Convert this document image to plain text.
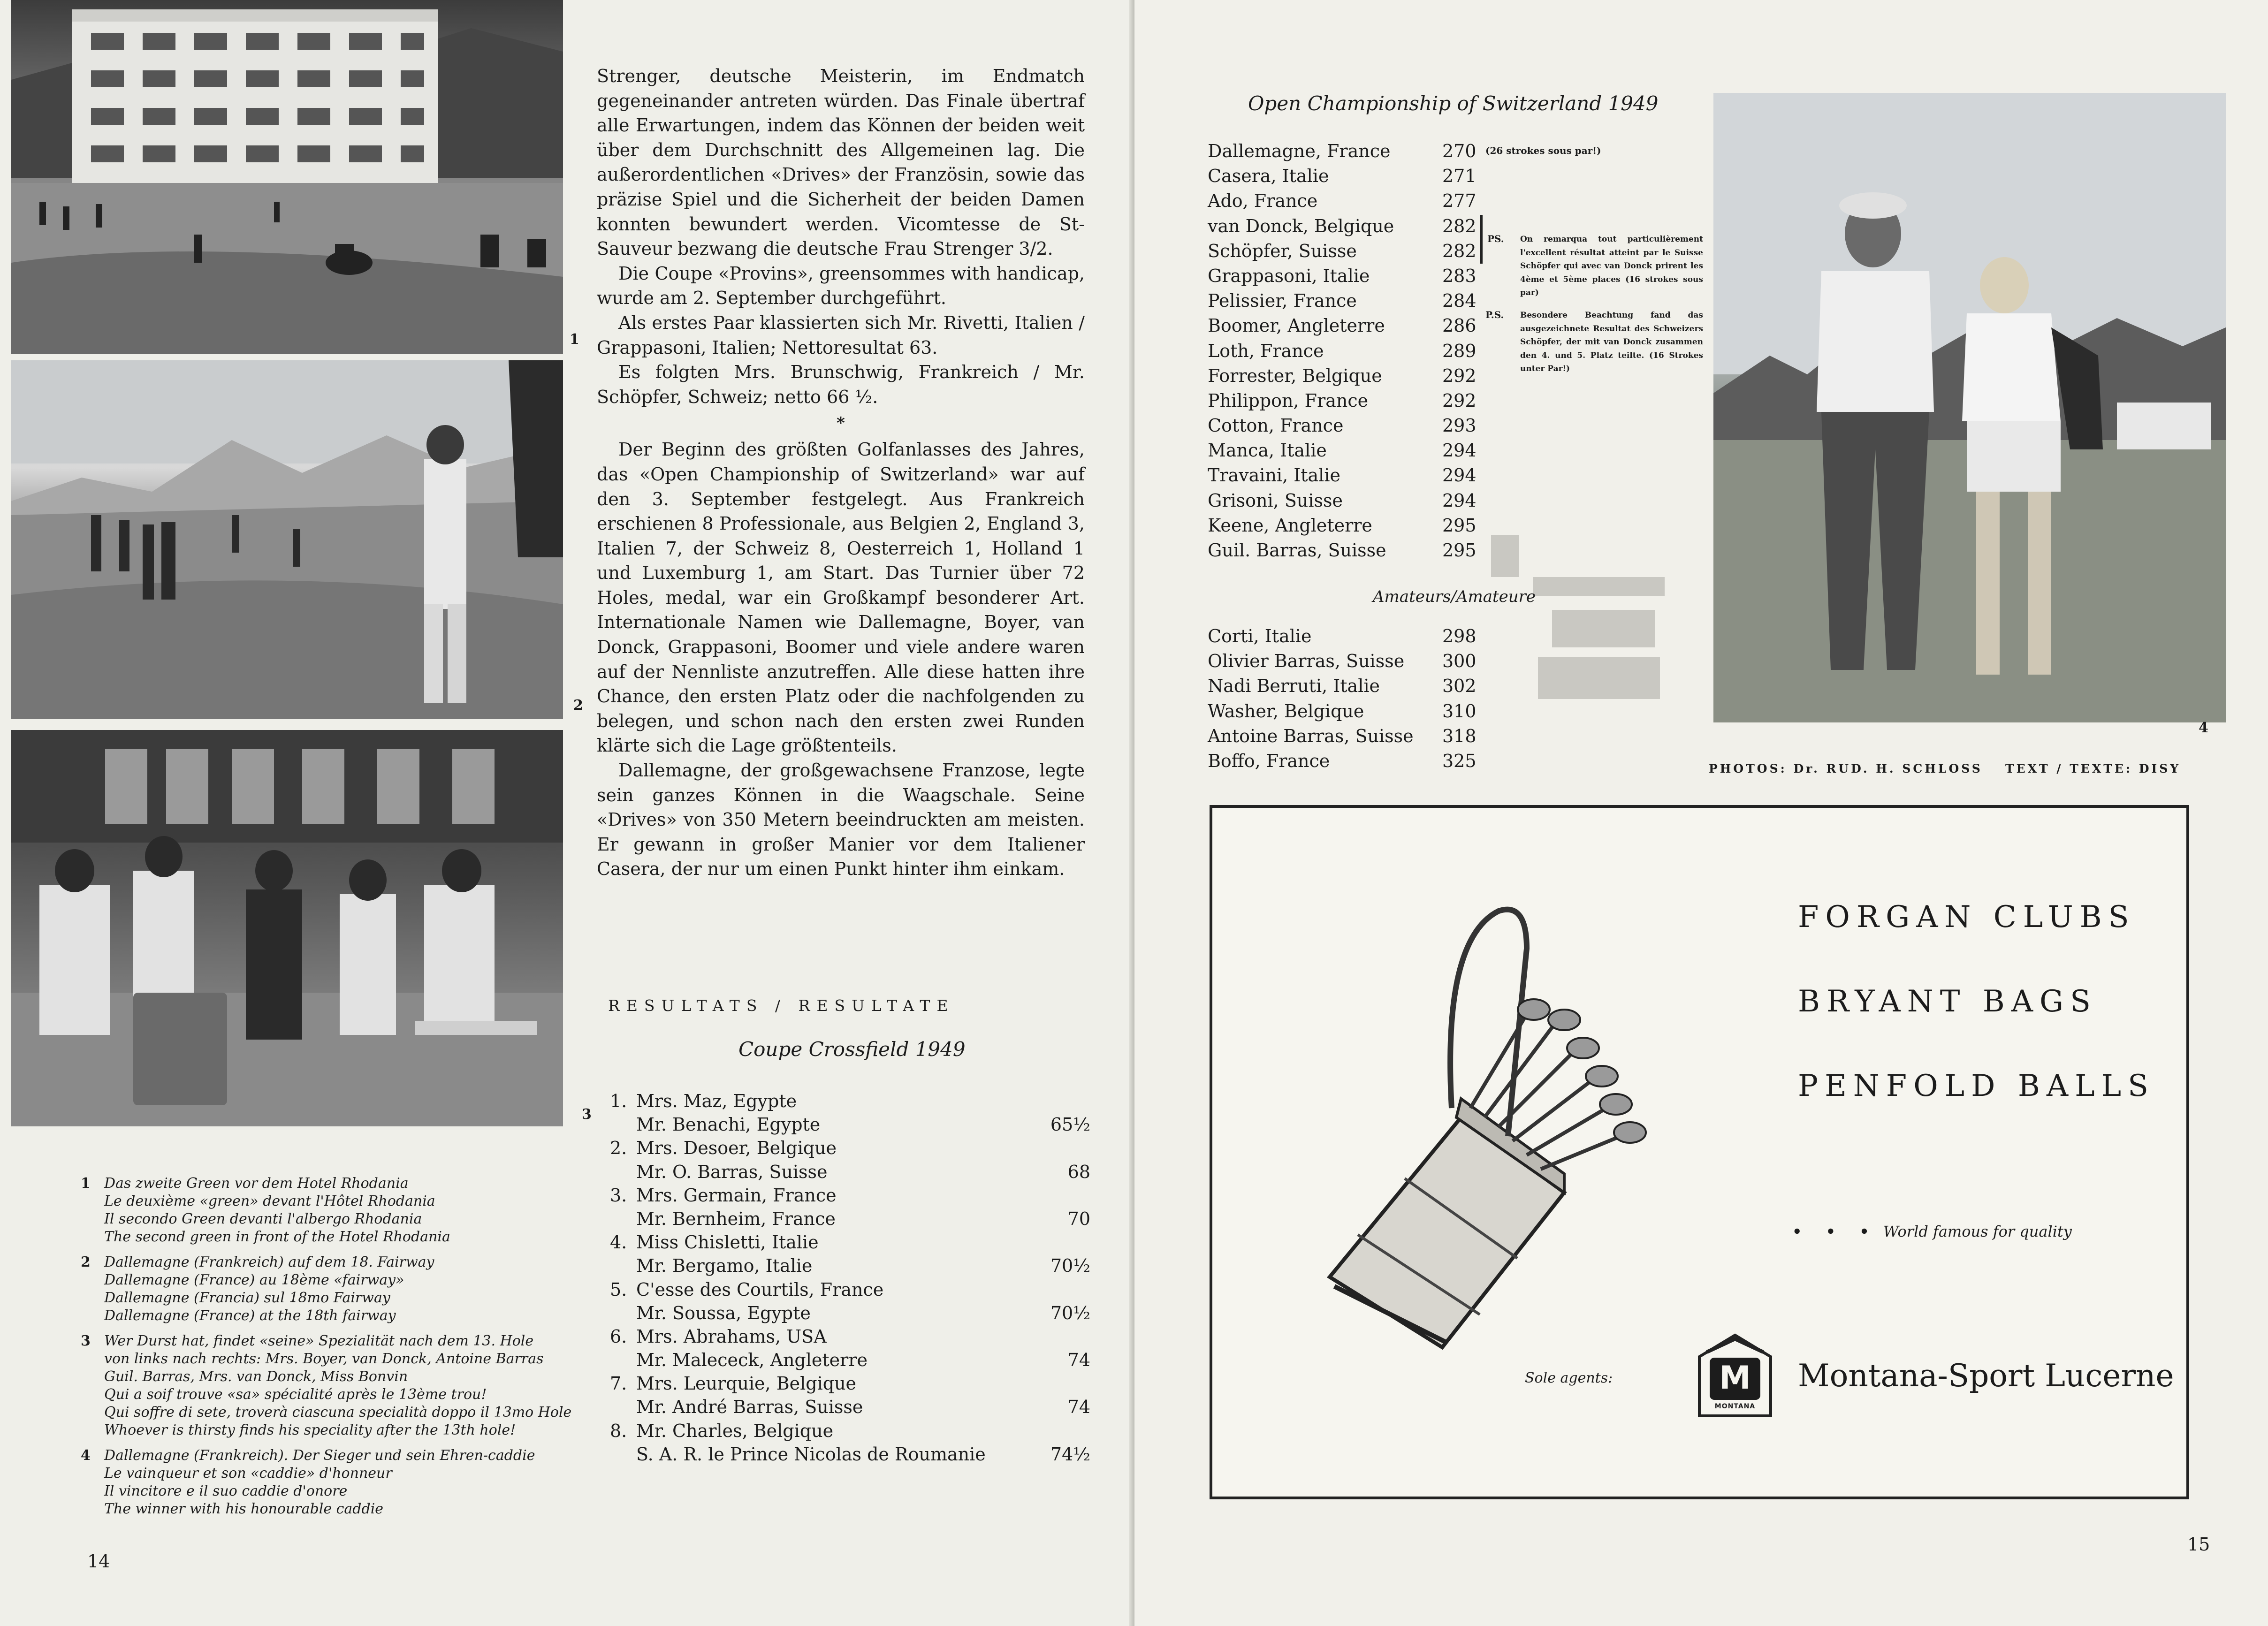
1
2
3

Strenger, deutsche Meisterin, im Endmatch gegeneinander antreten würden. Das Finale übertraf alle Erwartungen, indem das Können der beiden weit über dem Durchschnitt des Allgemeinen lag. Die außerordentlichen «Drives» der Französin, sowie das präzise Spiel und die Sicherheit der beiden Damen konnten bewundert werden. Vicomtesse de St-Sauveur bezwang die deutsche Frau Strenger 3/2.

Die Coupe «Provins», greensommes with handicap, wurde am 2. September durchgeführt.

Als erstes Paar klassierten sich Mr. Rivetti, Italien / Grappasoni, Italien; Nettoresultat 63.

Es folgten Mrs. Brunschwig, Frankreich / Mr. Schöpfer, Schweiz; netto 66 ½.

*

Der Beginn des größten Golfanlasses des Jahres, das «Open Championship of Switzerland» war auf den 3. September festgelegt. Aus Frankreich erschienen 8 Professionale, aus Belgien 2, England 3, Italien 7, der Schweiz 8, Oesterreich 1, Holland 1 und Luxemburg 1, am Start. Das Turnier über 72 Holes, medal, war ein Großkampf besonderer Art. Internationale Namen wie Dallemagne, Boyer, van Donck, Grappasoni, Boomer und viele andere waren auf der Nennliste anzutreffen. Alle diese hatten ihre Chance, den ersten Platz oder die nachfolgenden zu belegen, und schon nach den ersten zwei Runden klärte sich die Lage größtenteils.

Dallemagne, der großgewachsene Franzose, legte sein ganzes Können in die Waagschale. Seine «Drives» von 350 Metern beeindruckten am meisten. Er gewann in großer Manier vor dem Italiener Casera, der nur um einen Punkt hinter ihm einkam.

RESULTATS / RESULTATE
Coupe Crossfield 1949
1. Mrs. Maz, Egypte
Mr. Benachi, Egypte	65½
2. Mrs. Desoer, Belgique
Mr. O. Barras, Suisse	68
3. Mrs. Germain, France
Mr. Bernheim, France	70
4. Miss Chisletti, Italie
Mr. Bergamo, Italie	70½
5. C'esse des Courtils, France
Mr. Soussa, Egypte	70½
6. Mrs. Abrahams, USA
Mr. Malecеck, Angleterre	74
7. Mrs. Leurquie, Belgique
Mr. André Barras, Suisse	74
8. Mr. Charles, Belgique
S. A. R. le Prince Nicolas de Roumanie	74½
1 Das zweite Green vor dem Hotel Rhodania
Le deuxième «green» devant l'Hôtel Rhodania
Il secondo Green devanti l'albergo Rhodania
The second green in front of the Hotel Rhodania
2 Dallemagne (Frankreich) auf dem 18. Fairway
Dallemagne (France) au 18ème «fairway»
Dallemagne (Francia) sul 18mo Fairway
Dallemagne (France) at the 18th fairway
3 Wer Durst hat, findet «seine» Spezialität nach dem 13. Hole
von links nach rechts: Mrs. Boyer, van Donck, Antoine Barras
Guil. Barras, Mrs. van Donck, Miss Bonvin
Qui a soif trouve «sa» spécialité après le 13ème trou!
Qui soffre di sete, troverà ciascuna specialità doppo il 13mo Hole
Whoever is thirsty finds his speciality after the 13th hole!
4 Dallemagne (Frankreich). Der Sieger und sein Ehren-caddie
Le vainqueur et son «caddie» d'honneur
Il vincitore e il suo caddie d'onore
The winner with his honourable caddie
14
Open Championship of Switzerland 1949
Dallemagne, France	270
Casera, Italie	271
Ado, France	277
van Donck, Belgique	282
Schöpfer, Suisse	282
Grappasoni, Italie	283
Pelissier, France	284
Boomer, Angleterre	286
Loth, France	289
Forrester, Belgique	292
Philippon, France	292
Cotton, France	293
Manca, Italie	294
Travaini, Italie	294
Grisoni, Suisse	294
Keene, Angleterre	295
Guil. Barras, Suisse	295
(26 strokes sous par!)
PS. On remarqua tout particulièrement l'excellent résultat atteint par le Suisse Schöpfer qui avec van Donck prirent les 4ème et 5ème places (16 strokes sous par)
P.S. Besondere Beachtung fand das ausgezeichnete Resultat des Schweizers Schöpfer, der mit van Donck zusammen den 4. und 5. Platz teilte. (16 Strokes unter Par!)
Amateurs/Amateure
Corti, Italie	298
Olivier Barras, Suisse 300
Nadi Berruti, Italie	302
Washer, Belgique	310
Antoine Barras, Suisse 318
Boffo, France	325
4
PHOTOS: Dr. RUD. H. SCHLOSS TEXT / TEXTE: DISY
FORGAN CLUBS
BRYANT BAGS
PENFOLD BALLS
• • • World famous for quality
Sole agents:	M
MONTANA
Montana-Sport Lucerne
15
